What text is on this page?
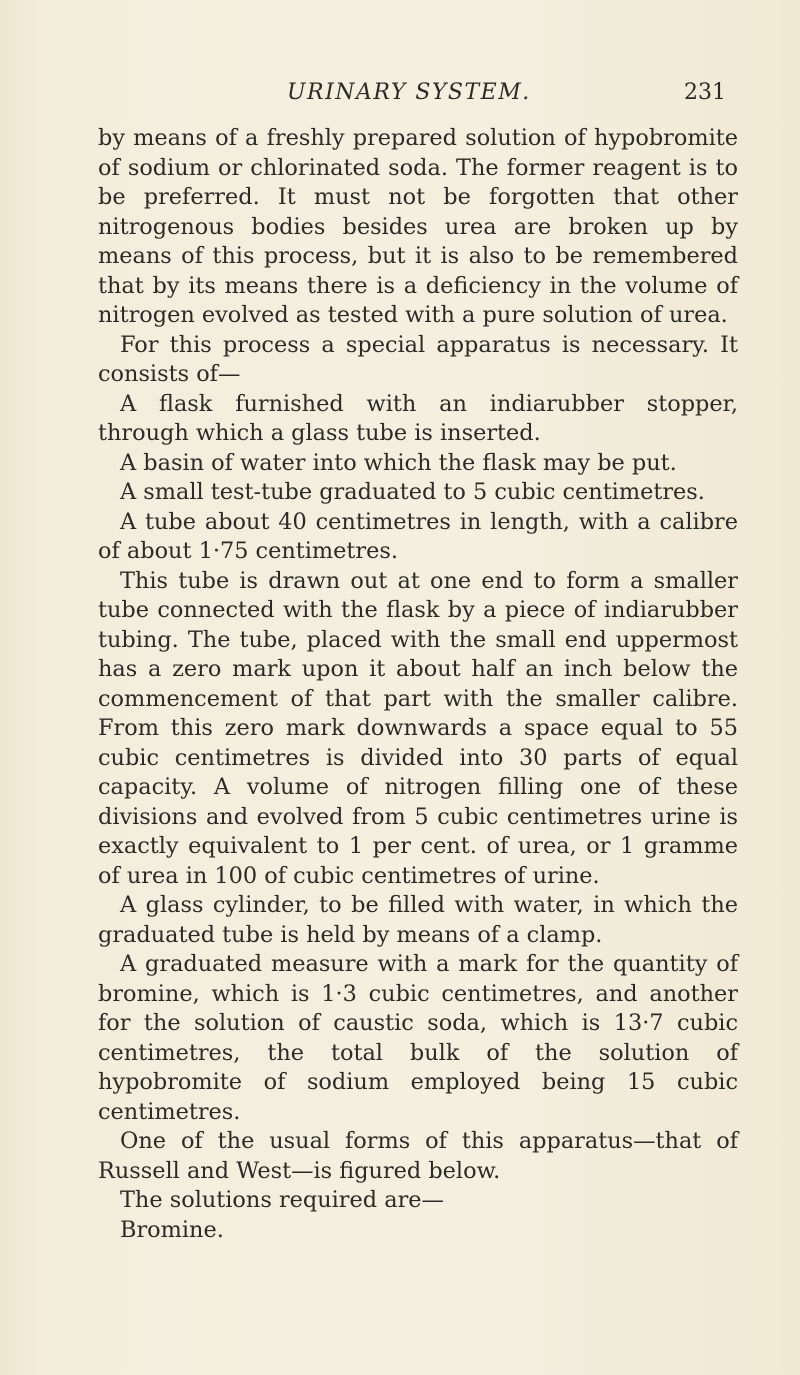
URINARY SYSTEM.	231

by means of a freshly prepared solution of hypobromite of sodium or chlorinated soda. The former reagent is to be preferred. It must not be forgotten that other nitrogenous bodies besides urea are broken up by means of this process, but it is also to be remembered that by its means there is a deficiency in the volume of nitrogen evolved as tested with a pure solution of urea.

For this process a special apparatus is necessary. It consists of—

A flask furnished with an indiarubber stopper, through which a glass tube is inserted.

A basin of water into which the flask may be put.

A small test-tube graduated to 5 cubic centimetres.

A tube about 40 centimetres in length, with a calibre of about 1·75 centimetres.

This tube is drawn out at one end to form a smaller tube connected with the flask by a piece of indiarubber tubing. The tube, placed with the small end uppermost has a zero mark upon it about half an inch below the commencement of that part with the smaller calibre. From this zero mark downwards a space equal to 55 cubic centimetres is divided into 30 parts of equal capacity. A volume of nitrogen filling one of these divisions and evolved from 5 cubic centimetres urine is exactly equivalent to 1 per cent. of urea, or 1 gramme of urea in 100 of cubic centimetres of urine.

A glass cylinder, to be filled with water, in which the graduated tube is held by means of a clamp.

A graduated measure with a mark for the quantity of bromine, which is 1·3 cubic centimetres, and another for the solution of caustic soda, which is 13·7 cubic centimetres, the total bulk of the solution of hypobromite of sodium employed being 15 cubic centimetres.

One of the usual forms of this apparatus—that of Russell and West—is figured below.

The solutions required are—

Bromine.
